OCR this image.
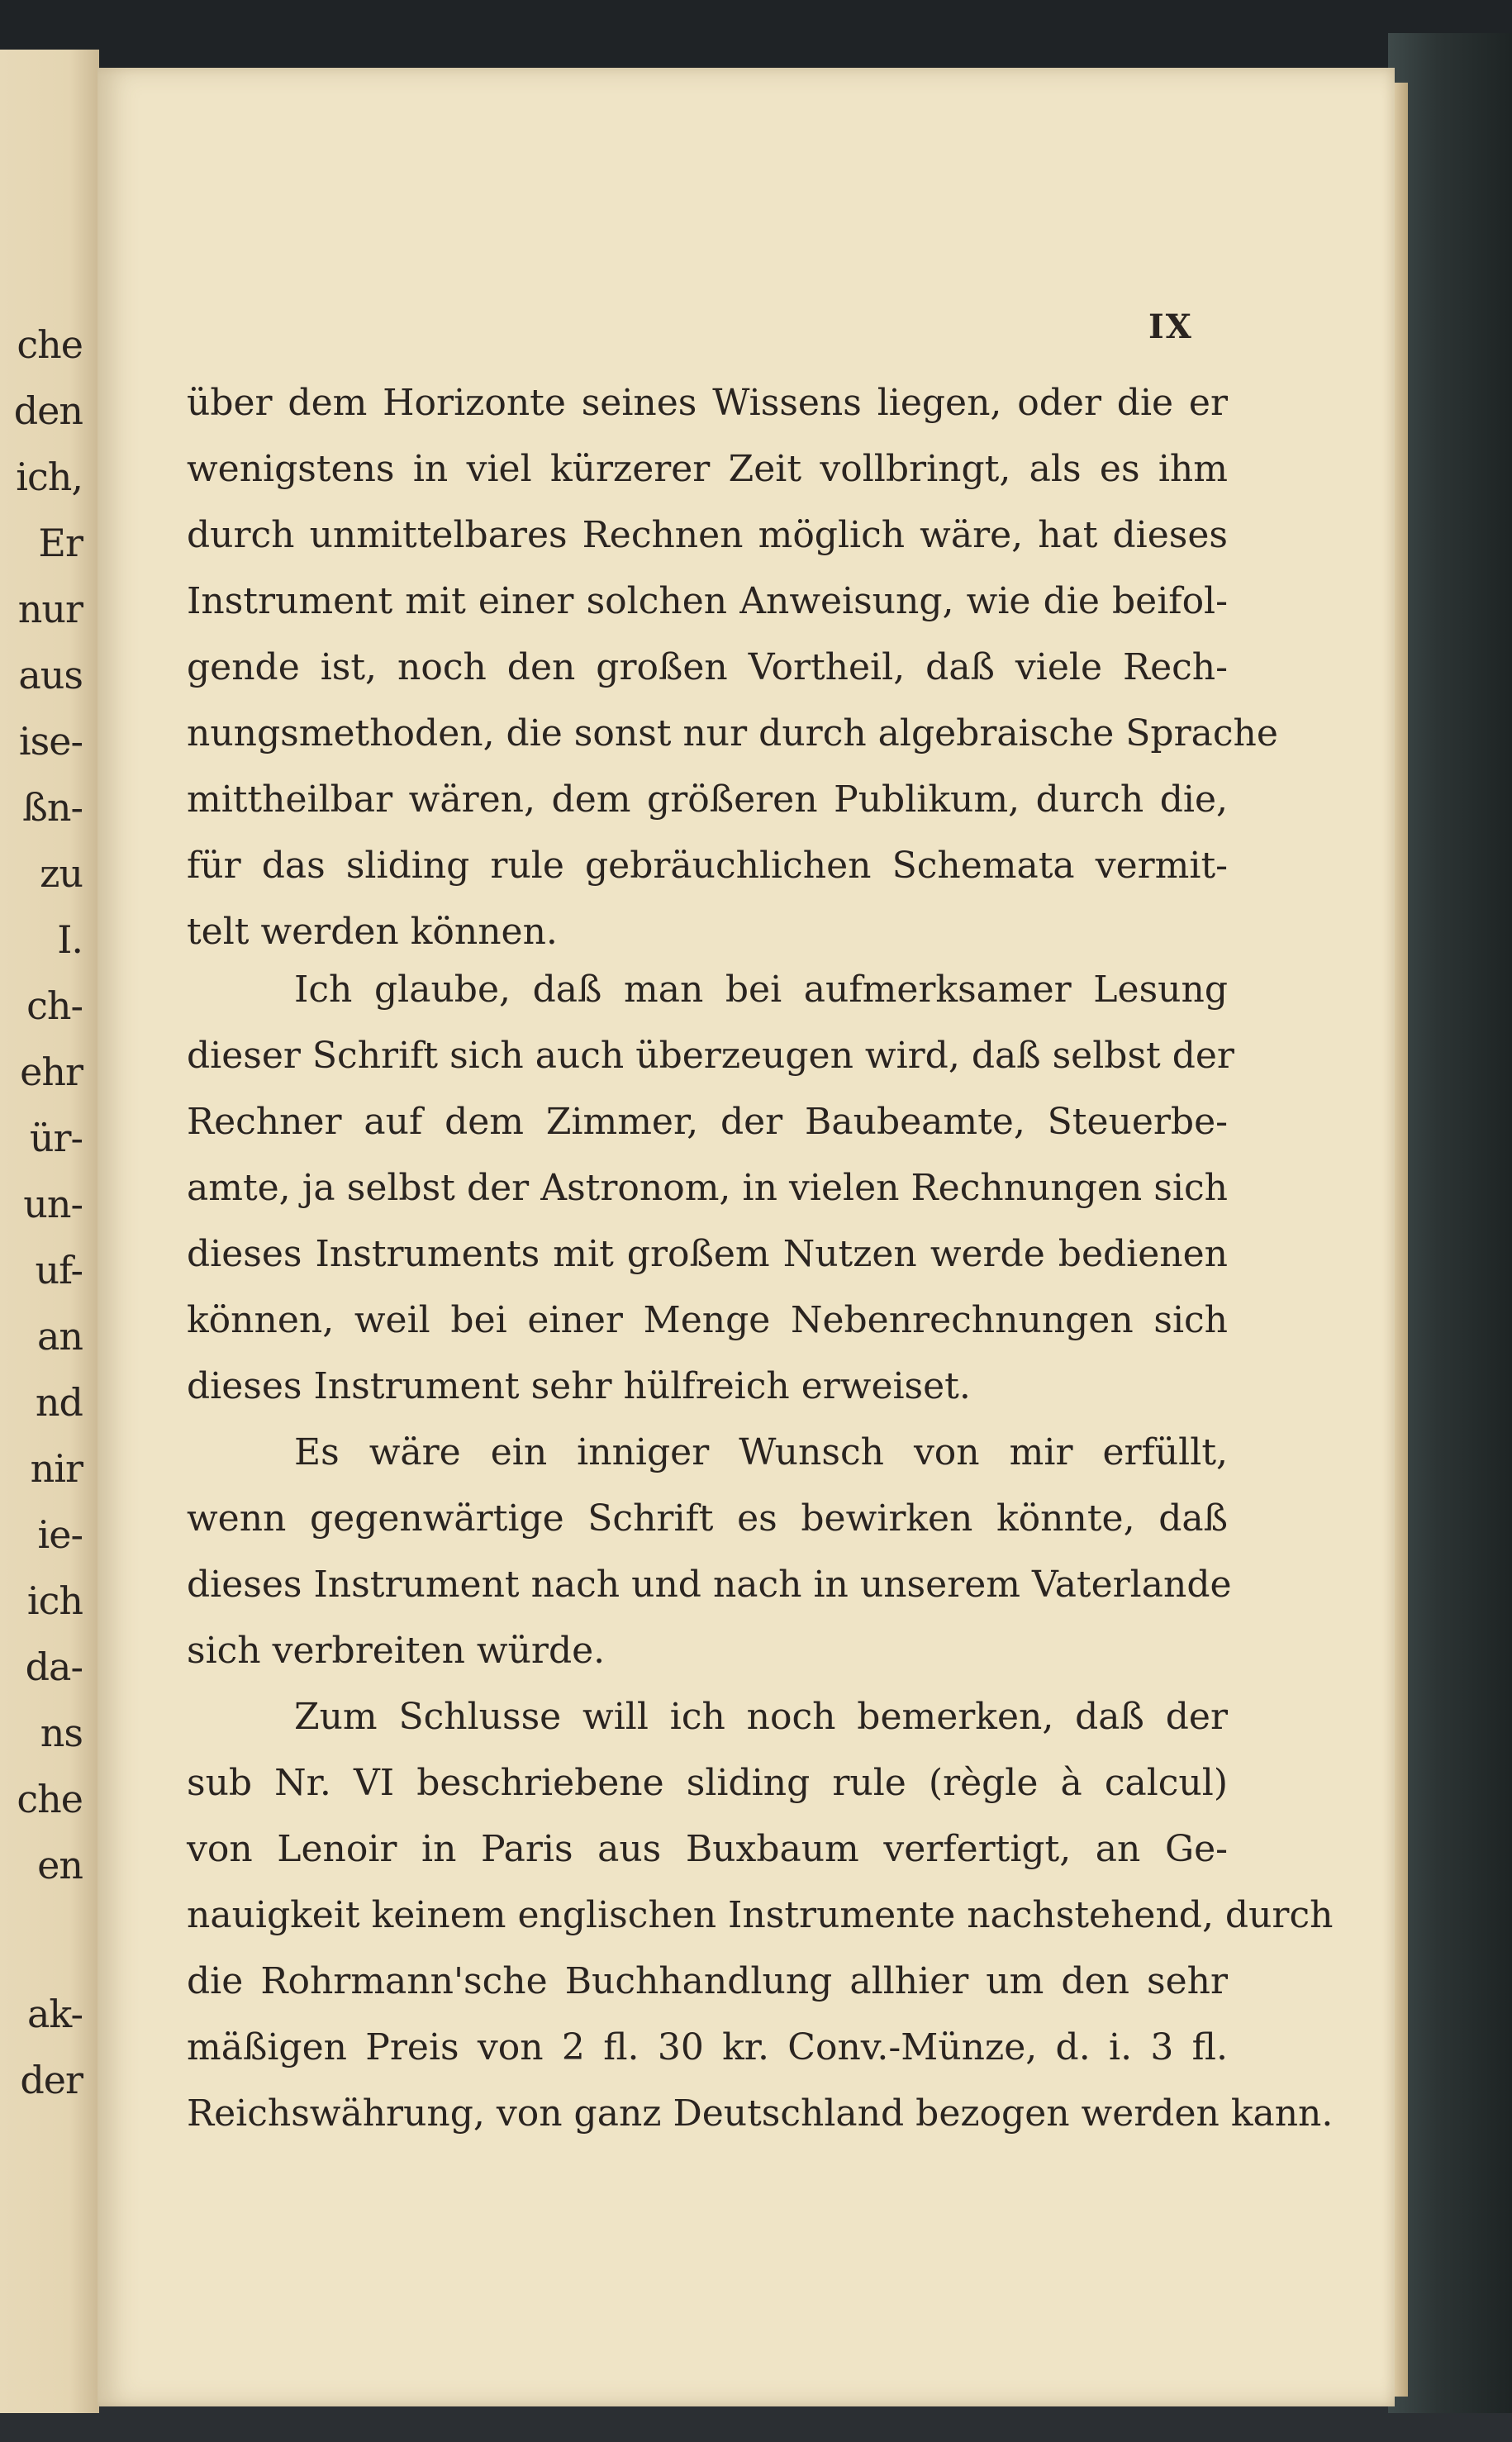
che
den
ich,
Er
nur
aus
ise-
ßn-
zu
I.
ch-
ehr
ür-
un-
uf-
an
nd
nir
ie-
ich
da-
ns
che
en
ak-
der
IX
über dem Horizonte seines Wissens liegen, oder die er
wenigstens in viel kürzerer Zeit vollbringt, als es ihm
durch unmittelbares Rechnen möglich wäre, hat dieses
Instrument mit einer solchen Anweisung, wie die beifol-
gende ist, noch den großen Vortheil, daß viele Rech-
nungsmethoden, die sonst nur durch algebraische Sprache
mittheilbar wären, dem größeren Publikum, durch die,
für das sliding rule gebräuchlichen Schemata vermit-
telt werden können.
Ich glaube, daß man bei aufmerksamer Lesung
dieser Schrift sich auch überzeugen wird, daß selbst der
Rechner auf dem Zimmer, der Baubeamte, Steuerbe-
amte, ja selbst der Astronom, in vielen Rechnungen sich
dieses Instruments mit großem Nutzen werde bedienen
können, weil bei einer Menge Nebenrechnungen sich
dieses Instrument sehr hülfreich erweiset.
Es wäre ein inniger Wunsch von mir erfüllt,
wenn gegenwärtige Schrift es bewirken könnte, daß
dieses Instrument nach und nach in unserem Vaterlande
sich verbreiten würde.
Zum Schlusse will ich noch bemerken, daß der
sub Nr. VI beschriebene sliding rule (règle à calcul)
von Lenoir in Paris aus Buxbaum verfertigt, an Ge-
nauigkeit keinem englischen Instrumente nachstehend, durch
die Rohrmann'sche Buchhandlung allhier um den sehr
mäßigen Preis von 2 fl. 30 kr. Conv.-Münze, d. i. 3 fl.
Reichswährung, von ganz Deutschland bezogen werden kann.
